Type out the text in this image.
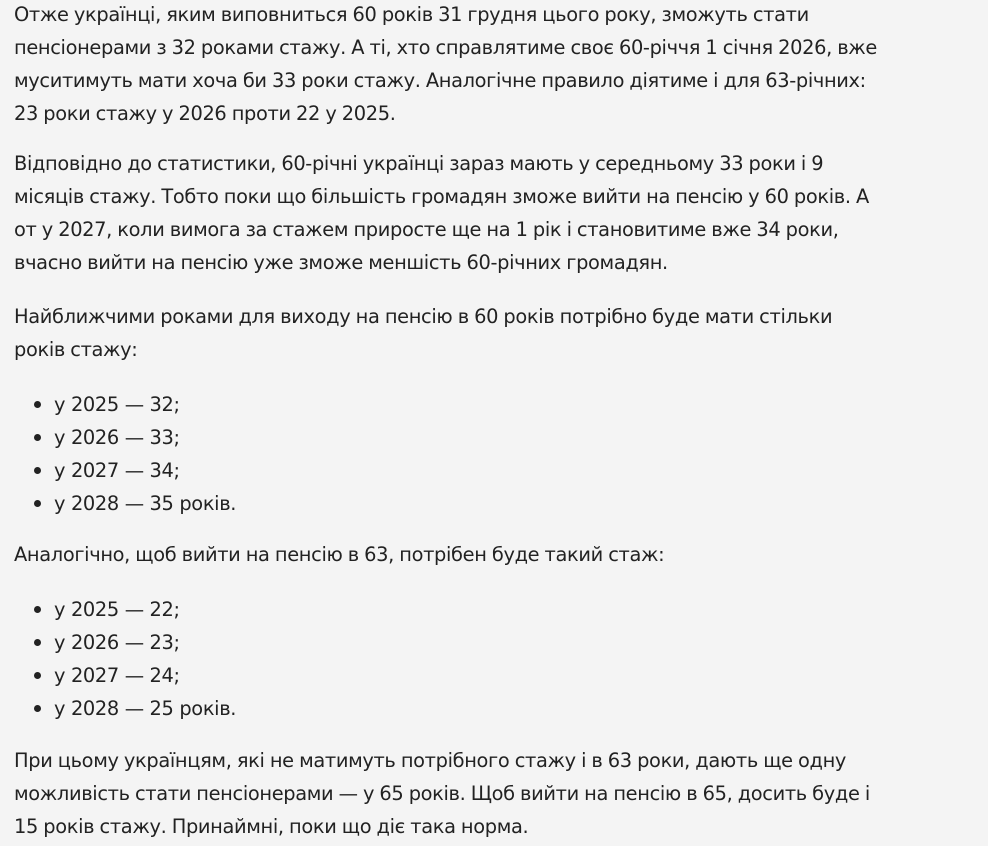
Отже українці, яким виповниться 60 років 31 грудня цього року, зможуть стати
пенсіонерами з 32 роками стажу. А ті, хто справлятиме своє 60-річчя 1 січня 2026, вже
муситимуть мати хоча би 33 роки стажу. Аналогічне правило діятиме і для 63-річних:
23 роки стажу у 2026 проти 22 у 2025.

Відповідно до статистики, 60-річні українці зараз мають у середньому 33 роки і 9
місяців стажу. Тобто поки що більшість громадян зможе вийти на пенсію у 60 років. А
от у 2027, коли вимога за стажем приросте ще на 1 рік і становитиме вже 34 роки,
вчасно вийти на пенсію уже зможе меншість 60-річних громадян.

Найближчими роками для виходу на пенсію в 60 років потрібно буде мати стільки
років стажу:

у 2025 — 32;
у 2026 — 33;
у 2027 — 34;
у 2028 — 35 років.

Аналогічно, щоб вийти на пенсію в 63, потрібен буде такий стаж:

у 2025 — 22;
у 2026 — 23;
у 2027 — 24;
у 2028 — 25 років.

При цьому українцям, які не матимуть потрібного стажу і в 63 роки, дають ще одну
можливість стати пенсіонерами — у 65 років. Щоб вийти на пенсію в 65, досить буде і
15 років стажу. Принаймні, поки що діє така норма.
